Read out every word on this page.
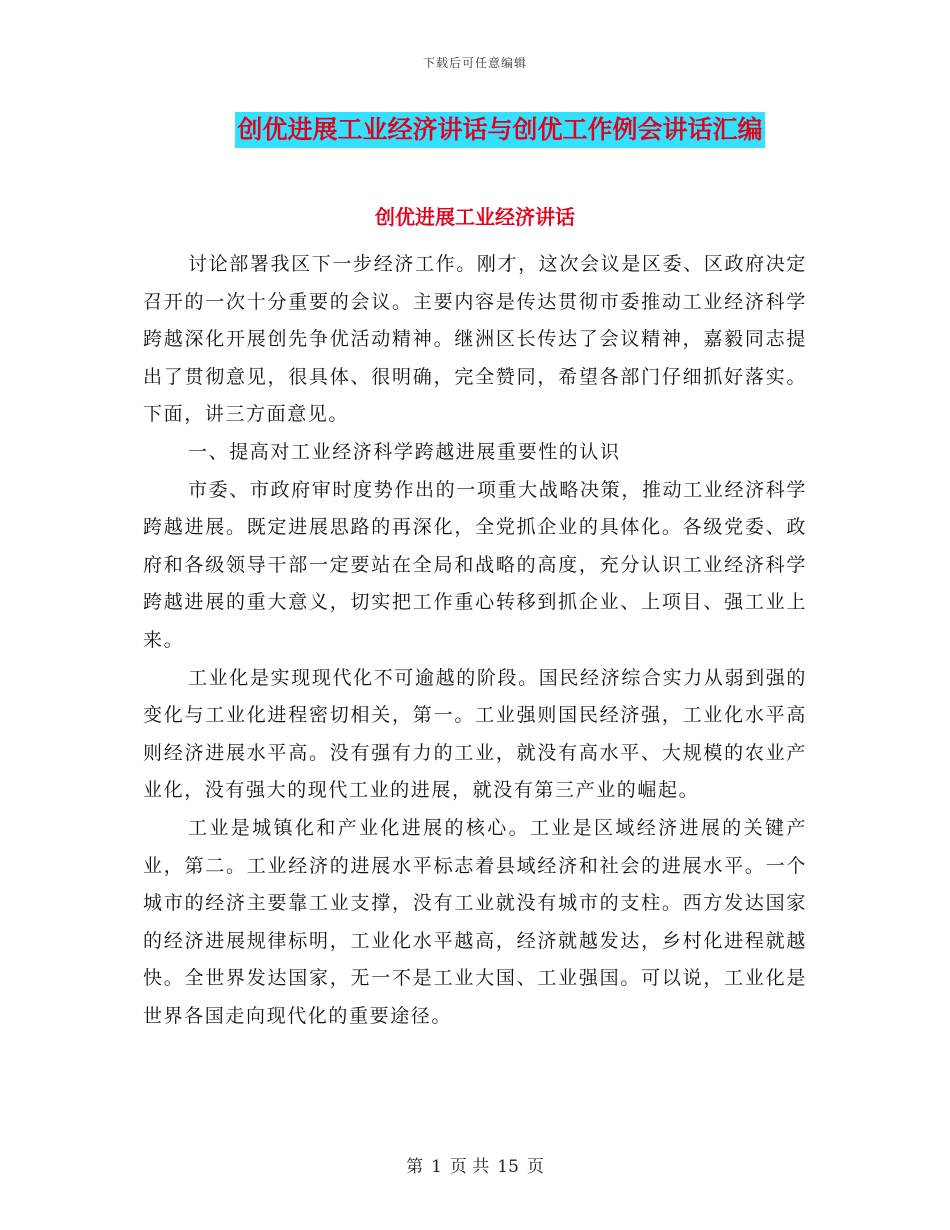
下载后可任意编辑
创优进展工业经济讲话与创优工作例会讲话汇编
创优进展工业经济讲话

讨论部署我区下一步经济工作。刚才，这次会议是区委、区政府决定召开的一次十分重要的会议。主要内容是传达贯彻市委推动工业经济科学跨越深化开展创先争优活动精神。继洲区长传达了会议精神，嘉毅同志提出了贯彻意见，很具体、很明确，完全赞同，希望各部门仔细抓好落实。下面，讲三方面意见。

一、提高对工业经济科学跨越进展重要性的认识

市委、市政府审时度势作出的一项重大战略决策，推动工业经济科学跨越进展。既定进展思路的再深化，全党抓企业的具体化。各级党委、政府和各级领导干部一定要站在全局和战略的高度，充分认识工业经济科学跨越进展的重大意义，切实把工作重心转移到抓企业、上项目、强工业上来。

工业化是实现现代化不可逾越的阶段。国民经济综合实力从弱到强的变化与工业化进程密切相关，第一。工业强则国民经济强，工业化水平高则经济进展水平高。没有强有力的工业，就没有高水平、大规模的农业产业化，没有强大的现代工业的进展，就没有第三产业的崛起。

工业是城镇化和产业化进展的核心。工业是区域经济进展的关键产业，第二。工业经济的进展水平标志着县域经济和社会的进展水平。一个城市的经济主要靠工业支撑，没有工业就没有城市的支柱。西方发达国家的经济进展规律标明，工业化水平越高，经济就越发达，乡村化进程就越快。全世界发达国家，无一不是工业大国、工业强国。可以说，工业化是世界各国走向现代化的重要途径。

第 1 页 共 15 页
